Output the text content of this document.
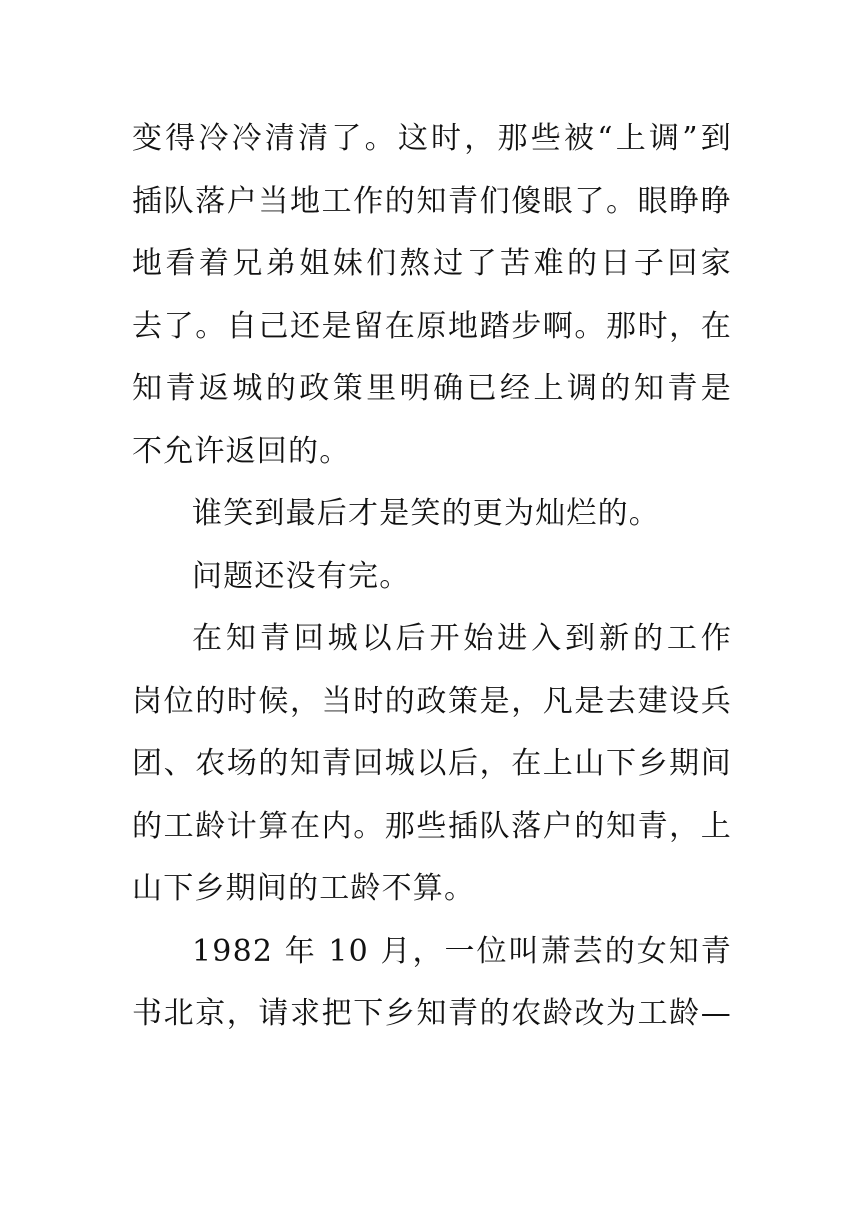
变得冷冷清清了。这时，那些被“上调”到
插队落户当地工作的知青们傻眼了。眼睁睁
地看着兄弟姐妹们熬过了苦难的日子回家
去了。自己还是留在原地踏步啊。那时，在
知青返城的政策里明确已经上调的知青是
不允许返回的。
谁笑到最后才是笑的更为灿烂的。
问题还没有完。
在知青回城以后开始进入到新的工作
岗位的时候，当时的政策是，凡是去建设兵
团、农场的知青回城以后，在上山下乡期间
的工龄计算在内。那些插队落户的知青，上
山下乡期间的工龄不算。
1982 年 10 月，一位叫萧芸的女知青
书北京，请求把下乡知青的农龄改为工龄—
